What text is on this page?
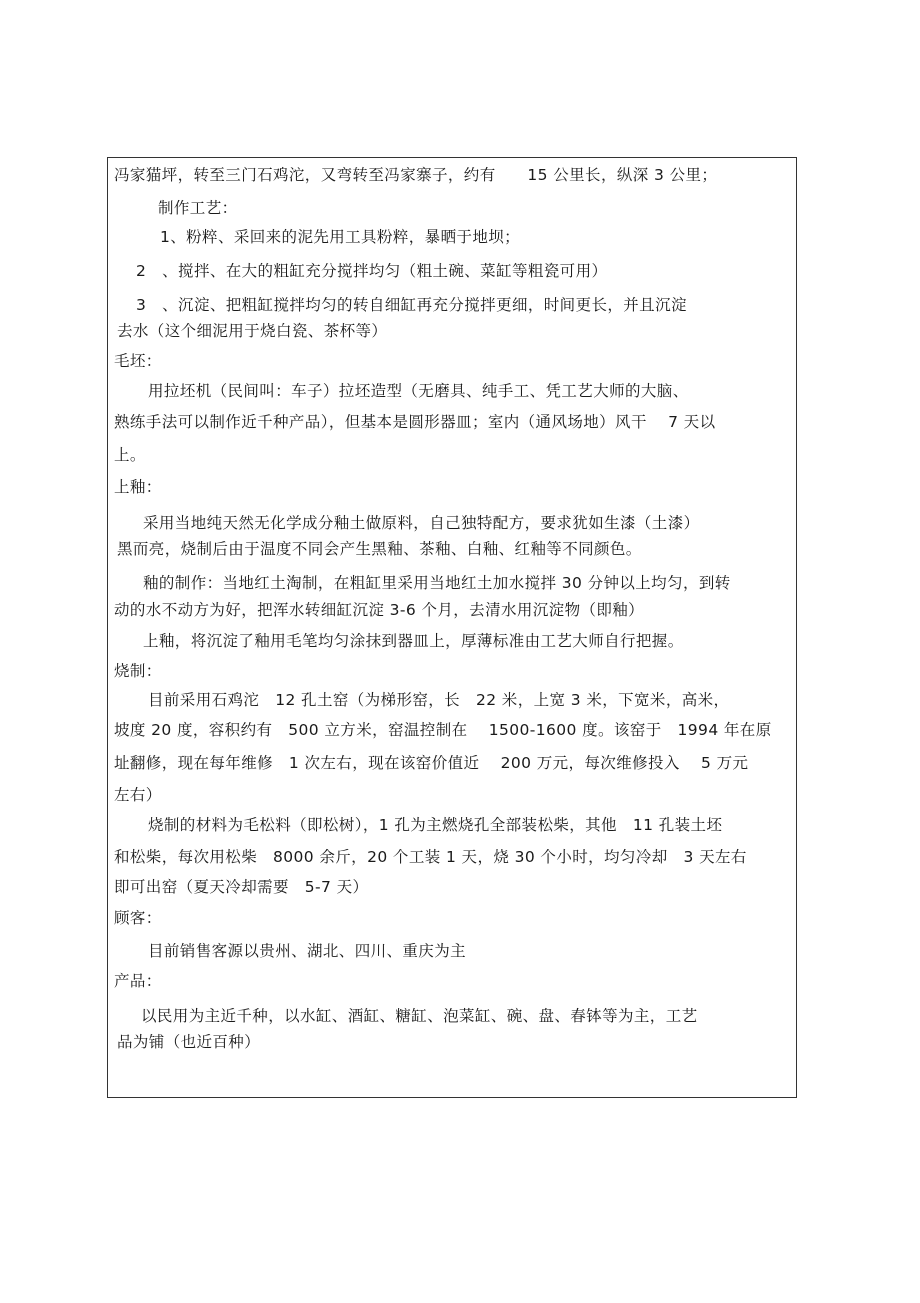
冯家猫坪，转至三门石鸡沱，又弯转至冯家寨子，约有　　15 公里长，纵深 3 公里；
制作工艺：
1、粉粹、采回来的泥先用工具粉粹，暴晒于地坝；
2　、搅拌、在大的粗缸充分搅拌均匀（粗土碗、菜缸等粗瓷可用）
3　、沉淀、把粗缸搅拌均匀的转自细缸再充分搅拌更细，时间更长，并且沉淀
去水（这个细泥用于烧白瓷、茶杯等）
毛坯：
用拉坯机（民间叫：车子）拉坯造型（无磨具、纯手工、凭工艺大师的大脑、
熟练手法可以制作近千种产品），但基本是圆形器皿；室内（通风场地）风干　 7 天以
上。
上釉：
采用当地纯天然无化学成分釉土做原料，自己独特配方，要求犹如生漆（土漆）
黑而亮，烧制后由于温度不同会产生黑釉、茶釉、白釉、红釉等不同颜色。
釉的制作：当地红土淘制，在粗缸里采用当地红土加水搅拌 30 分钟以上均匀，到转
动的水不动方为好，把浑水转细缸沉淀 3-6 个月，去清水用沉淀物（即釉）
上釉，将沉淀了釉用毛笔均匀涂抹到器皿上，厚薄标准由工艺大师自行把握。
烧制：
目前采用石鸡沱　12 孔土窑（为梯形窑，长　22 米，上宽 3 米，下宽米，高米，
坡度 20 度，容积约有　500 立方米，窑温控制在　 1500-1600 度。该窑于　1994 年在原
址翻修，现在每年维修　1 次左右，现在该窑价值近　 200 万元，每次维修投入　 5 万元
左右）
烧制的材料为毛松料（即松树），1 孔为主燃烧孔全部装松柴，其他　11 孔装土坯
和松柴，每次用松柴　8000 余斤，20 个工装 1 天，烧 30 个小时，均匀冷却　3 天左右
即可出窑（夏天冷却需要　5-7 天）
顾客：
目前销售客源以贵州、湖北、四川、重庆为主
产品：
以民用为主近千种，以水缸、酒缸、糖缸、泡菜缸、碗、盘、春钵等为主，工艺
品为铺（也近百种）
